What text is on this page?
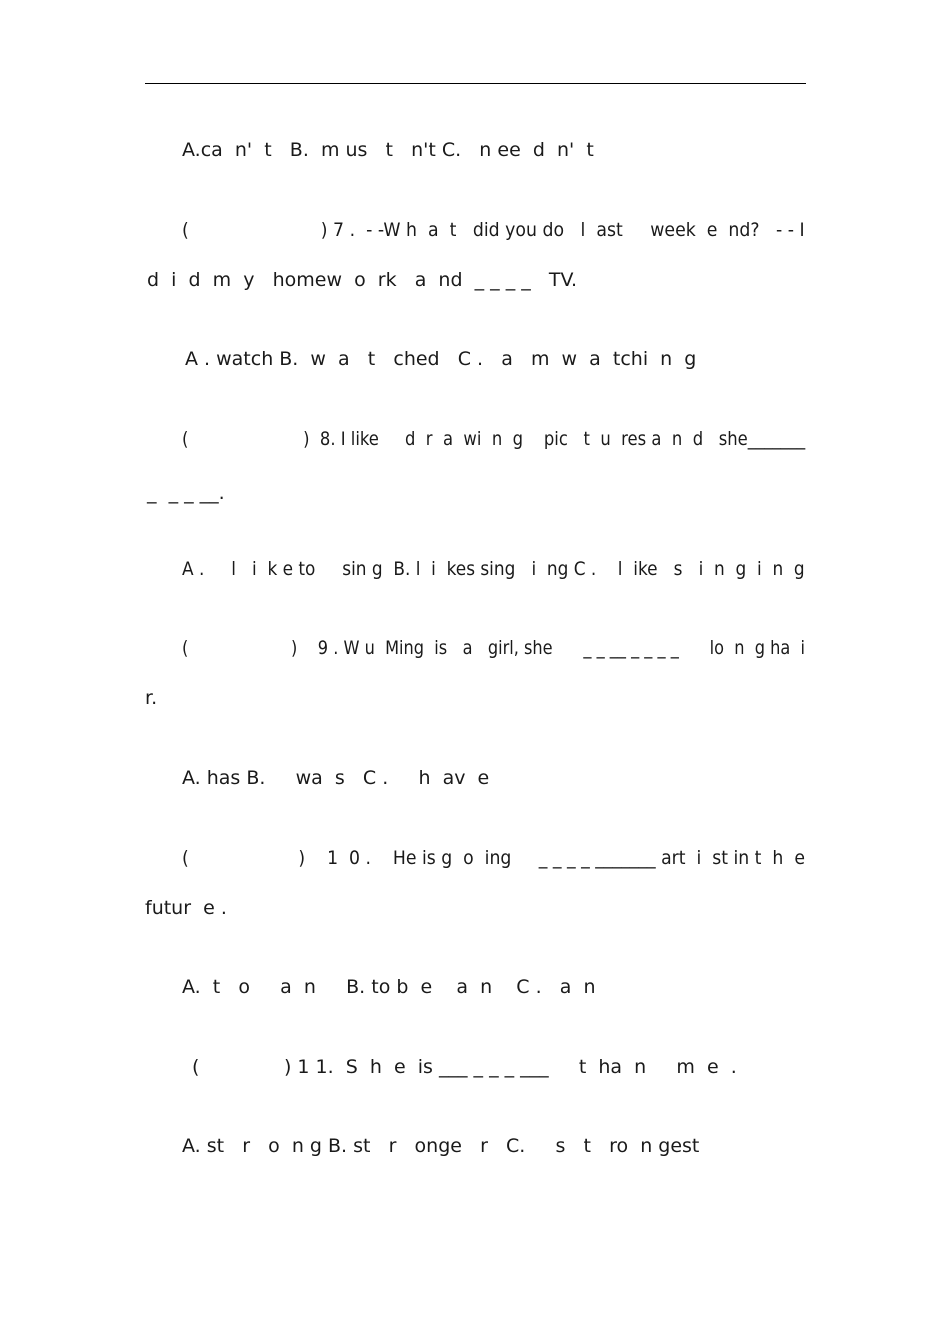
A.ca  n'  t   B.  m us   t   n't C.   n ee  d  n'  t
(                        ) 7 .  - -W h  a  t   did you do   l  ast     week  e  nd?   - - I
d  i  d  m  y   homew  o  rk   a  nd  _ _ _ _   TV.
A . watch B.  w  a   t   ched   C .   a   m  w  a  tchi  n  g
(                      )  8. I like     d  r  a  wi  n  g    pic   t  u  res a  n  d   she_______
_  _ _ __.
A .     l   i  k e to     sin g  B. l  i  kes sing   i  ng C .    l  ike   s   i  n  g  i  n  g
(                    )    9 . W u  Ming  is   a   girl, she      _ _ __ _ _ _ _      lo  n  g ha  i
r.
A. has B.     wa  s   C .     h  av  e
(                    )    1  0 .    He is g  o  ing     _ _ _ _ _______ art  i  st in t  h  e
futur  e .
A.  t   o     a  n     B. to b  e    a  n    C .   a  n
(              ) 1 1.  S  h  e  is ___ _ _ _ ___     t  ha  n     m  e  .
A. st   r   o  n g B. st   r   onge   r   C.     s   t   ro  n gest
